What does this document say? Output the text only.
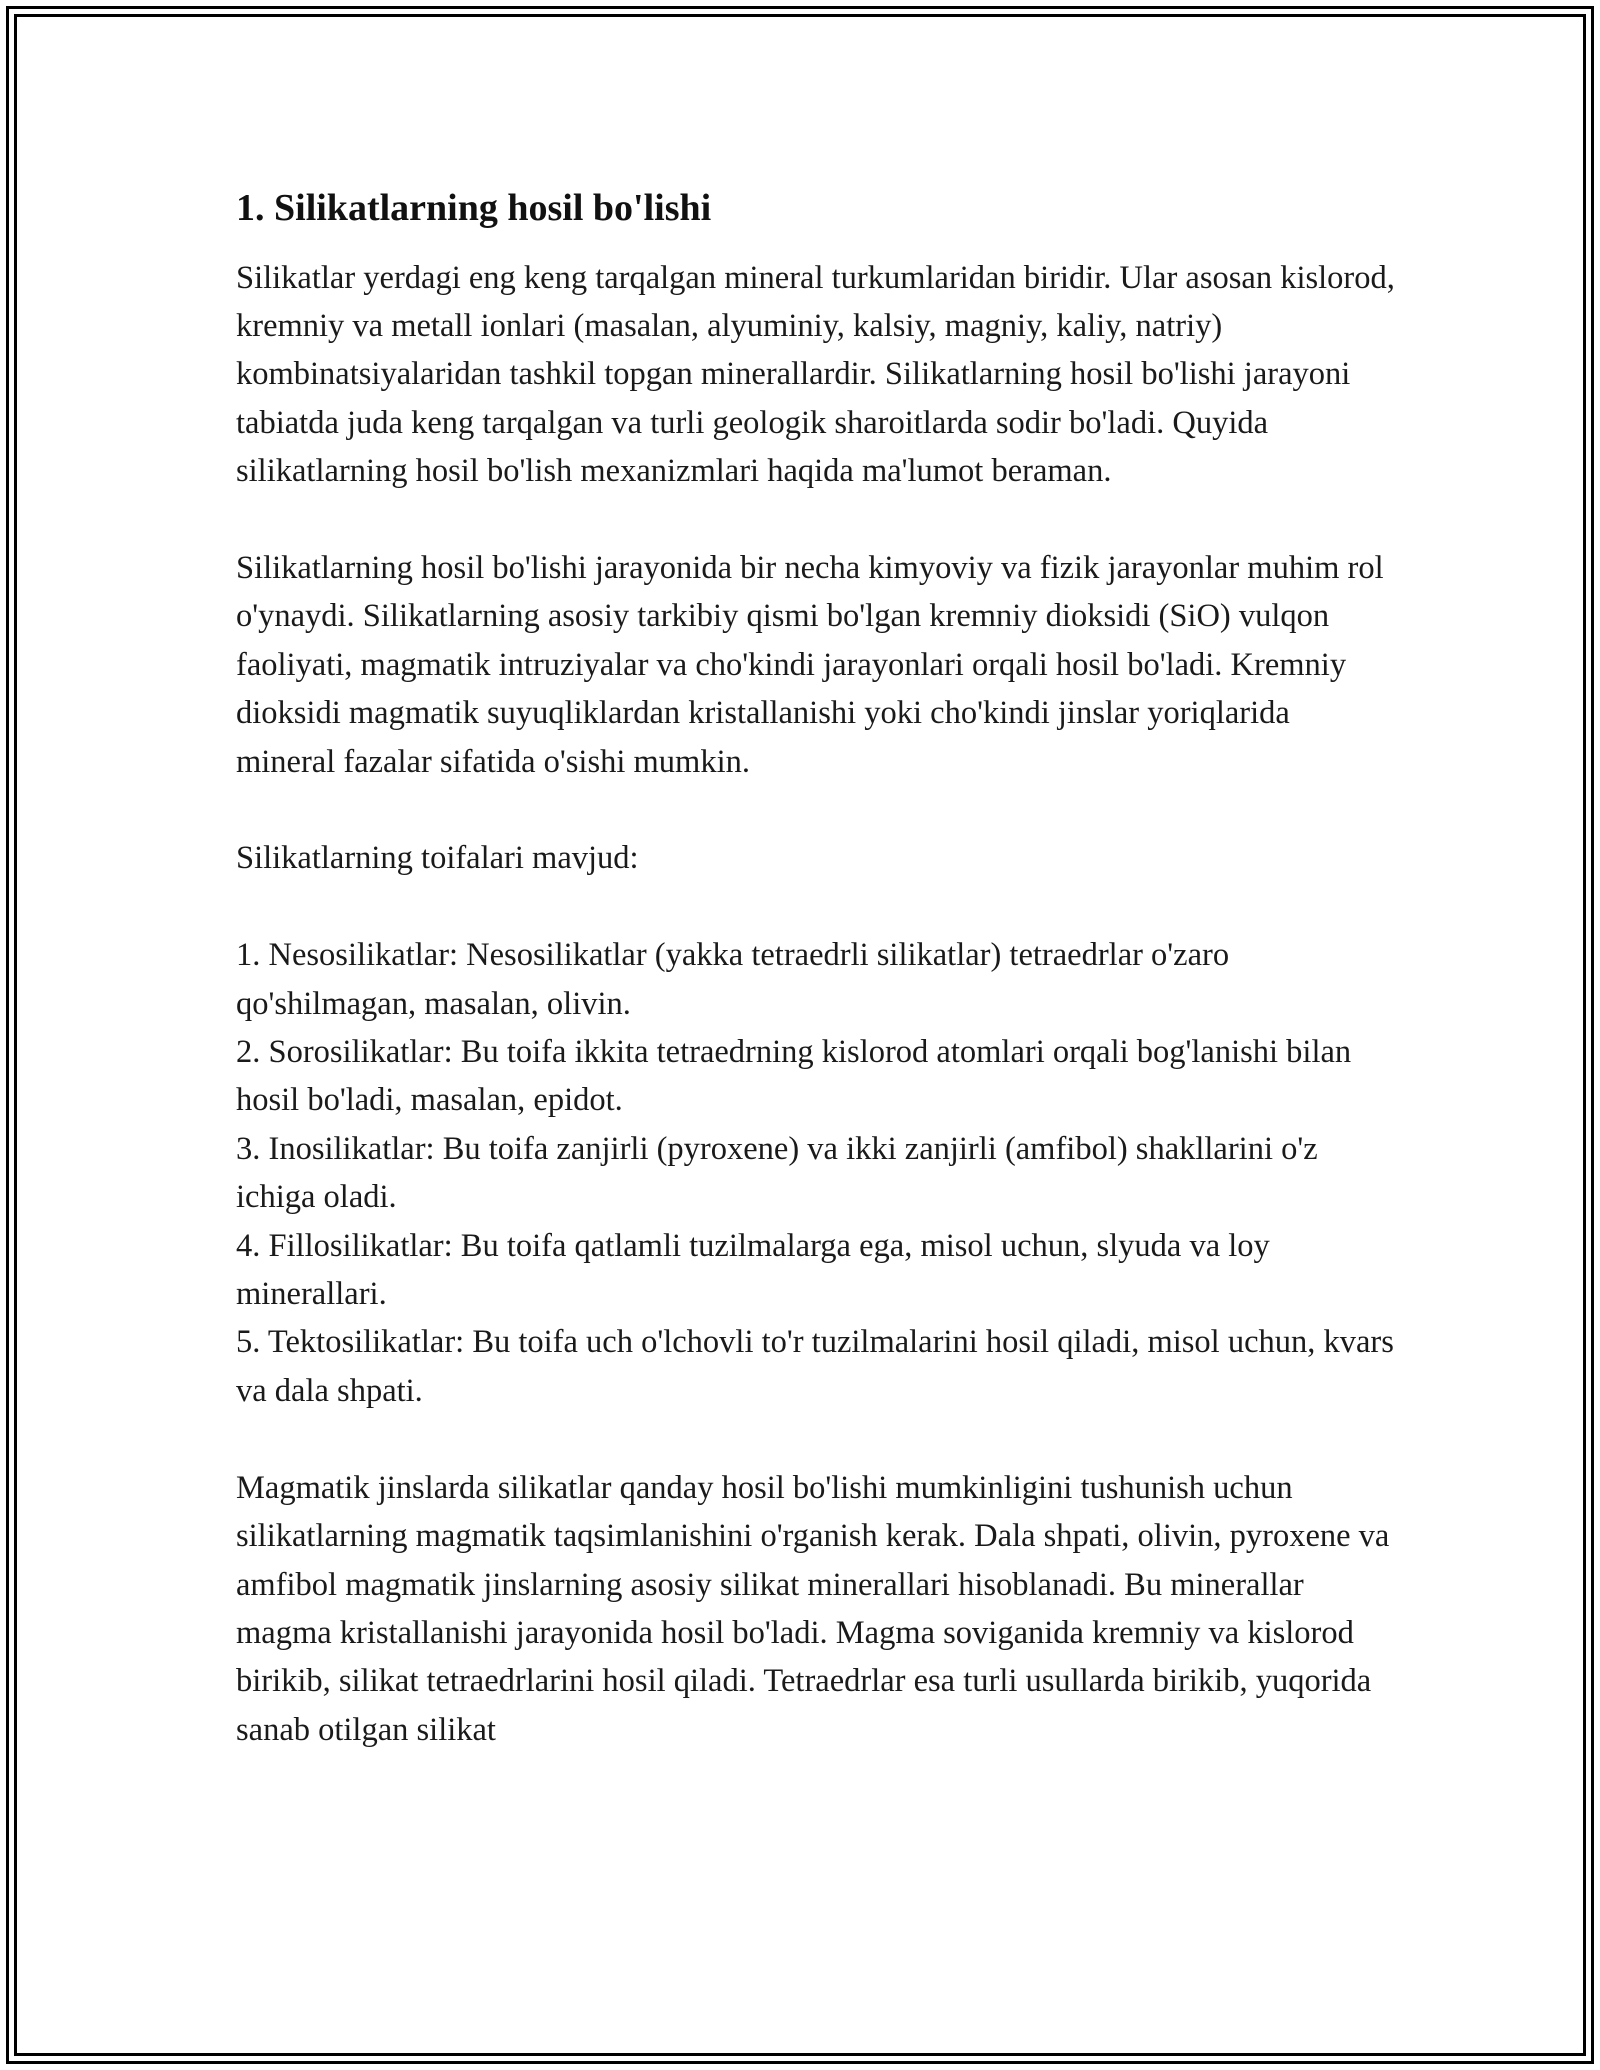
1. Silikatlarning hosil bo'lishi

Silikatlar yerdagi eng keng tarqalgan mineral turkumlaridan biridir. Ular asosan kislorod, kremniy va metall ionlari (masalan, alyuminiy, kalsiy, magniy, kaliy, natriy) kombinatsiyalaridan tashkil topgan minerallardir. Silikatlarning hosil bo'lishi jarayoni tabiatda juda keng tarqalgan va turli geologik sharoitlarda sodir bo'ladi. Quyida silikatlarning hosil bo'lish mexanizmlari haqida ma'lumot beraman.

Silikatlarning hosil bo'lishi jarayonida bir necha kimyoviy va fizik jarayonlar muhim rol o'ynaydi. Silikatlarning asosiy tarkibiy qismi bo'lgan kremniy dioksidi (SiO) vulqon faoliyati, magmatik intruziyalar va cho'kindi jarayonlari orqali hosil bo'ladi. Kremniy dioksidi magmatik suyuqliklardan kristallanishi yoki cho'kindi jinslar yoriqlarida mineral fazalar sifatida o'sishi mumkin.

Silikatlarning toifalari mavjud:

1. Nesosilikatlar: Nesosilikatlar (yakka tetraedrli silikatlar) tetraedrlar o'zaro qo'shilmagan, masalan, olivin.

2. Sorosilikatlar: Bu toifa ikkita tetraedrning kislorod atomlari orqali bog'lanishi bilan hosil bo'ladi, masalan, epidot.

3. Inosilikatlar: Bu toifa zanjirli (pyroxene) va ikki zanjirli (amfibol) shakllarini o'z ichiga oladi.

4. Fillosilikatlar: Bu toifa qatlamli tuzilmalarga ega, misol uchun, slyuda va loy minerallari.

5. Tektosilikatlar: Bu toifa uch o'lchovli to'r tuzilmalarini hosil qiladi, misol uchun, kvars va dala shpati.

Magmatik jinslarda silikatlar qanday hosil bo'lishi mumkinligini tushunish uchun silikatlarning magmatik taqsimlanishini o'rganish kerak. Dala shpati, olivin, pyroxene va amfibol magmatik jinslarning asosiy silikat minerallari hisoblanadi. Bu minerallar magma kristallanishi jarayonida hosil bo'ladi. Magma soviganida kremniy va kislorod birikib, silikat tetraedrlarini hosil qiladi. Tetraedrlar esa turli usullarda birikib, yuqorida sanab otilgan silikat
